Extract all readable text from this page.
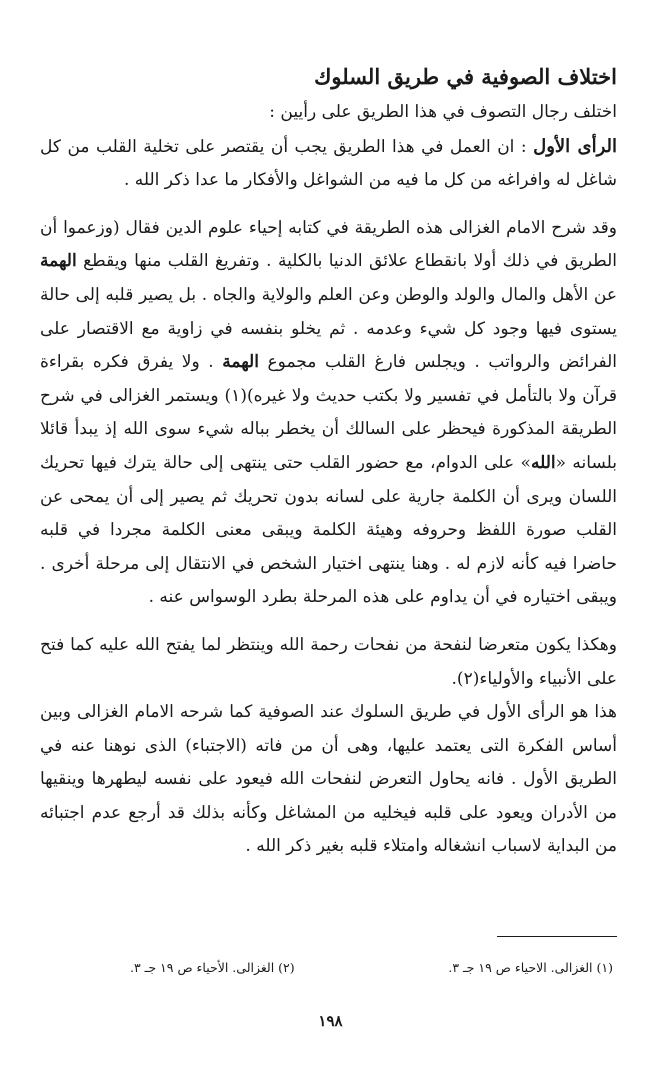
اختلاف الصوفية في طريق السلوك

اختلف رجال التصوف في هذا الطريق على رأيين :

الرأى الأول : ان العمل في هذا الطريق يجب أن يقتصر على تخلية القلب من كل شاغل له وافراغه من كل ما فيه من الشواغل والأفكار ما عدا ذكر الله .

وقد شرح الامام الغزالى هذه الطريقة في كتابه إحياء علوم الدين فقال (وزعموا أن الطريق في ذلك أولا بانقطاع علائق الدنيا بالكلية . وتفريغ القلب منها ويقطع الهمة عن الأهل والمال والولد والوطن وعن العلم والولاية والجاه . بل يصير قلبه إلى حالة يستوى فيها وجود كل شيء وعدمه . ثم يخلو بنفسه في زاوية مع الاقتصار على الفرائض والرواتب . ويجلس فارغ القلب مجموع الهمة . ولا يفرق فكره بقراءة قرآن ولا بالتأمل في تفسير ولا بكتب حديث ولا غيره)(١) ويستمر الغزالى في شرح الطريقة المذكورة فيحظر على السالك أن يخطر بباله شيء سوى الله إذ يبدأ قائلا بلسانه «الله» على الدوام، مع حضور القلب حتى ينتهى إلى حالة يترك فيها تحريك اللسان ويرى أن الكلمة جارية على لسانه بدون تحريك ثم يصير إلى أن يمحى عن القلب صورة اللفظ وحروفه وهيئة الكلمة ويبقى معنى الكلمة مجردا في قلبه حاضرا فيه كأنه لازم له . وهنا ينتهى اختيار الشخص في الانتقال إلى مرحلة أخرى . ويبقى اختياره في أن يداوم على هذه المرحلة بطرد الوسواس عنه .

وهكذا يكون متعرضا لنفحة من نفحات رحمة الله وينتظر لما يفتح الله عليه كما فتح على الأنبياء والأولياء(٢).

هذا هو الرأى الأول في طريق السلوك عند الصوفية كما شرحه الامام الغزالى وبين أساس الفكرة التى يعتمد عليها، وهى أن من فاته (الاجتباء) الذى نوهنا عنه في الطريق الأول . فانه يحاول التعرض لنفحات الله فيعود على نفسه ليطهرها وينقيها من الأدران ويعود على قلبه فيخليه من المشاغل وكأنه بذلك قد أرجع عدم اجتبائه من البداية لاسباب انشغاله وامتلاء قلبه بغير ذكر الله .

(١) الغزالى. الاحياء ص ١٩ جـ ٣.
(٢) الغزالى. الأحياء ص ١٩ جـ ٣.
١٩٨
